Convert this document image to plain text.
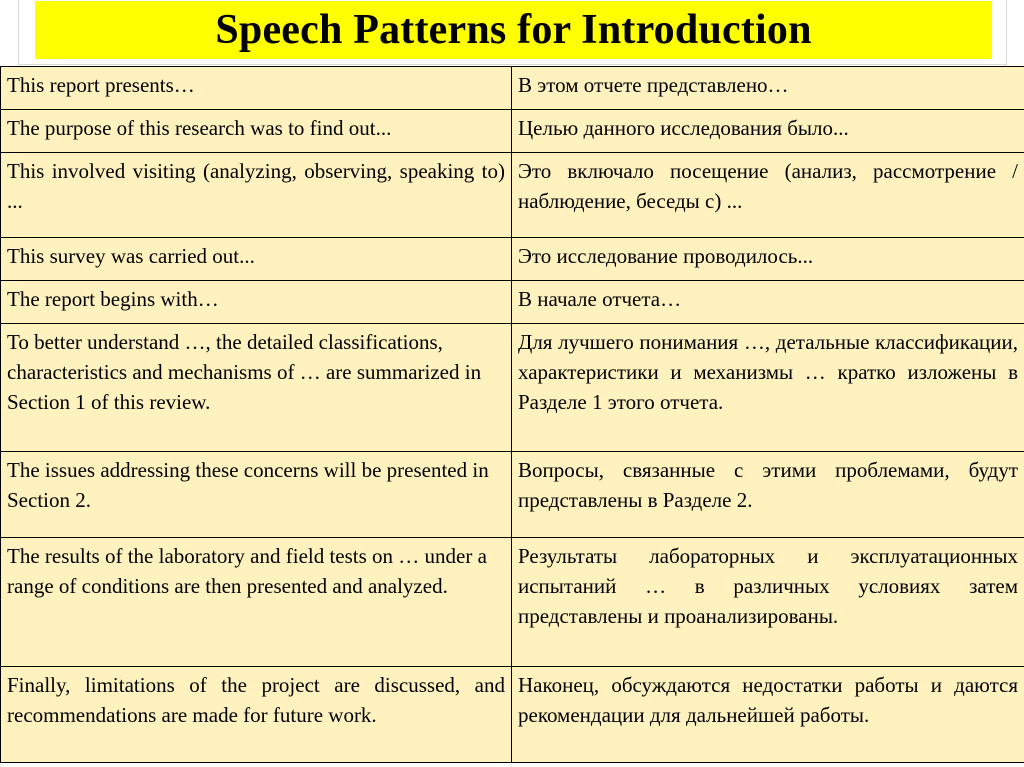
Speech Patterns for Introduction
This report presents…	В этом отчете представлено…

The purpose of this research was to find out...	Целью данного исследования было...

This involved visiting (analyzing, observing, speaking to) ...	Это включало посещение (анализ, рассмотрение / наблюдение, беседы с) ...

This survey was carried out...	Это исследование проводилось...

The report begins with…	В начале отчета…

To better understand …, the detailed classifications, characteristics and mechanisms of … are summarized in Section 1 of this review.	Для лучшего понимания …, детальные классификации, характеристики и механизмы … кратко изложены в Разделе 1 этого отчета.

The issues addressing these concerns will be presented in Section 2.	Вопросы, связанные с этими проблемами, будут представлены в Разделе 2.

The results of the laboratory and field tests on … under a range of conditions are then presented and analyzed.	Результаты лабораторных и эксплуатационных испытаний … в различных условиях затем представлены и проанализированы.

Finally, limitations of the project are discussed, and recommendations are made for future work.	Наконец, обсуждаются недостатки работы и даются рекомендации для дальнейшей работы.
